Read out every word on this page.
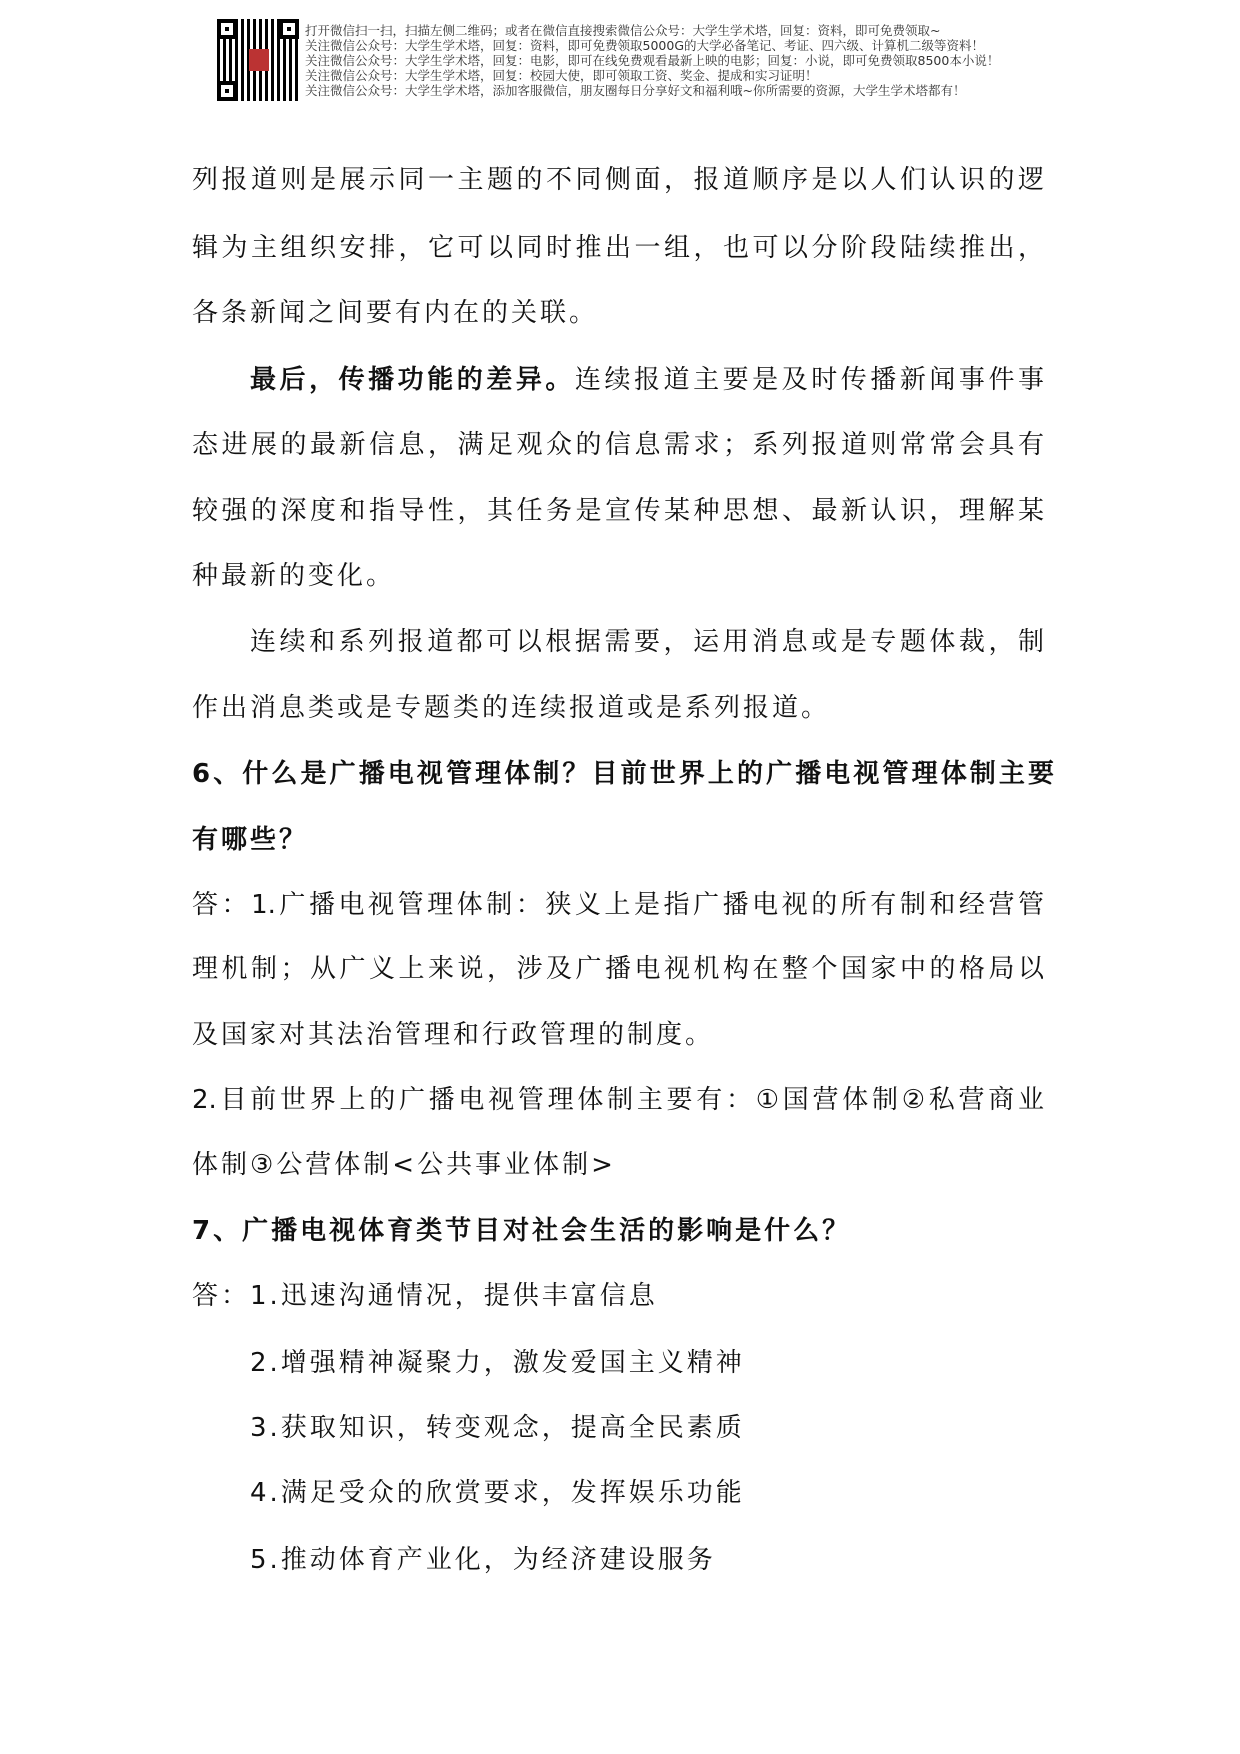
打开微信扫一扫，扫描左侧二维码；或者在微信直接搜索微信公众号：大学生学术塔，回复：资料，即可免费领取~
关注微信公众号：大学生学术塔，回复：资料，即可免费领取5000G的大学必备笔记、考证、四六级、计算机二级等资料！
关注微信公众号：大学生学术塔，回复：电影，即可在线免费观看最新上映的电影；回复：小说，即可免费领取8500本小说！
关注微信公众号：大学生学术塔，回复：校园大使，即可领取工资、奖金、提成和实习证明！
关注微信公众号：大学生学术塔，添加客服微信，朋友圈每日分享好文和福利哦~你所需要的资源，大学生学术塔都有！
列报道则是展示同一主题的不同侧面，报道顺序是以人们认识的逻
辑为主组织安排，它可以同时推出一组，也可以分阶段陆续推出，
各条新闻之间要有内在的关联。
最后，传播功能的差异。连续报道主要是及时传播新闻事件事
态进展的最新信息，满足观众的信息需求；系列报道则常常会具有
较强的深度和指导性，其任务是宣传某种思想、最新认识，理解某
种最新的变化。
连续和系列报道都可以根据需要，运用消息或是专题体裁，制
作出消息类或是专题类的连续报道或是系列报道。
6、什么是广播电视管理体制？目前世界上的广播电视管理体制主要
有哪些？
答：1.广播电视管理体制：狭义上是指广播电视的所有制和经营管
理机制；从广义上来说，涉及广播电视机构在整个国家中的格局以
及国家对其法治管理和行政管理的制度。
2.目前世界上的广播电视管理体制主要有：①国营体制②私营商业
体制③公营体制<公共事业体制>
7、广播电视体育类节目对社会生活的影响是什么？
答：1.迅速沟通情况，提供丰富信息
2.增强精神凝聚力，激发爱国主义精神
3.获取知识，转变观念，提高全民素质
4.满足受众的欣赏要求，发挥娱乐功能
5.推动体育产业化，为经济建设服务
